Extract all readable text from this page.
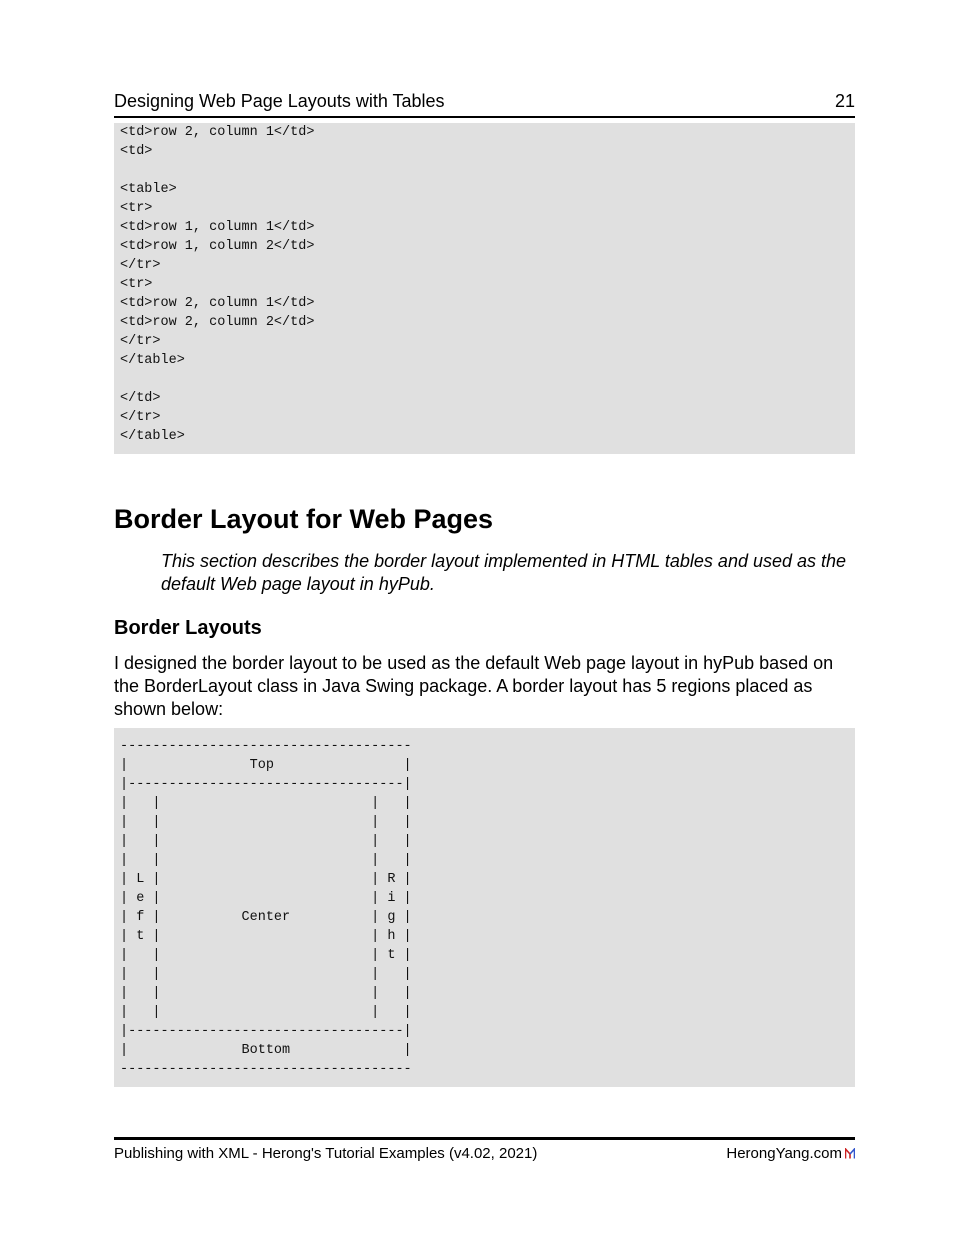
Designing Web Page Layouts with Tables	21
<td>row 2, column 1</td>
<td>

<table>
<tr>
<td>row 1, column 1</td>
<td>row 1, column 2</td>
</tr>
<tr>
<td>row 2, column 1</td>
<td>row 2, column 2</td>
</tr>
</table>

</td>
</tr>
</table>
Border Layout for Web Pages

This section describes the border layout implemented in HTML tables and used as the default Web page layout in hyPub.

Border Layouts

I designed the border layout to be used as the default Web page layout in hyPub based on the BorderLayout class in Java Swing package. A border layout has 5 regions placed as shown below:

------------------------------------
|               Top                |
|----------------------------------|
|   |                          |   |
|   |                          |   |
|   |                          |   |
|   |                          |   |
| L |                          | R |
| e |                          | i |
| f |          Center          | g |
| t |                          | h |
|   |                          | t |
|   |                          |   |
|   |                          |   |
|   |                          |   |
|----------------------------------|
|              Bottom              |
------------------------------------
Publishing with XML - Herong's Tutorial Examples (v4.02, 2021)	HerongYang.com
